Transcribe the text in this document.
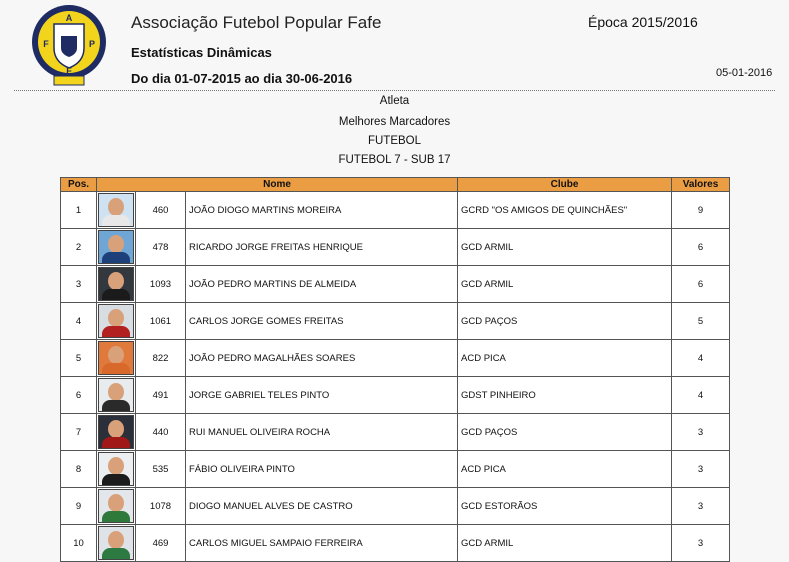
A
F	P
F
Associação Futebol Popular Fafe
Estatísticas Dinâmicas
Do dia 01-07-2015 ao dia 30-06-2016
Época 2015/2016
05-01-2016
Atleta
Melhores Marcadores
FUTEBOL
FUTEBOL 7 - SUB 17
Pos.	Nome			Clube	Valores
1		460	JOÃO DIOGO MARTINS MOREIRA	GCRD "OS AMIGOS DE QUINCHÃES"	9
2		478	RICARDO JORGE FREITAS HENRIQUE	GCD ARMIL	6
3		1093	JOÃO PEDRO MARTINS DE ALMEIDA	GCD ARMIL	6
4		1061	CARLOS JORGE GOMES FREITAS	GCD PAÇOS	5
5		822	JOÃO PEDRO MAGALHÃES SOARES	ACD PICA	4
6		491	JORGE GABRIEL TELES PINTO	GDST PINHEIRO	4
7		440	RUI MANUEL OLIVEIRA ROCHA	GCD PAÇOS	3
8		535	FÁBIO OLIVEIRA PINTO	ACD PICA	3
9		1078	DIOGO MANUEL ALVES DE CASTRO	GCD ESTORÃOS	3
10		469	CARLOS MIGUEL SAMPAIO FERREIRA	GCD ARMIL	3
